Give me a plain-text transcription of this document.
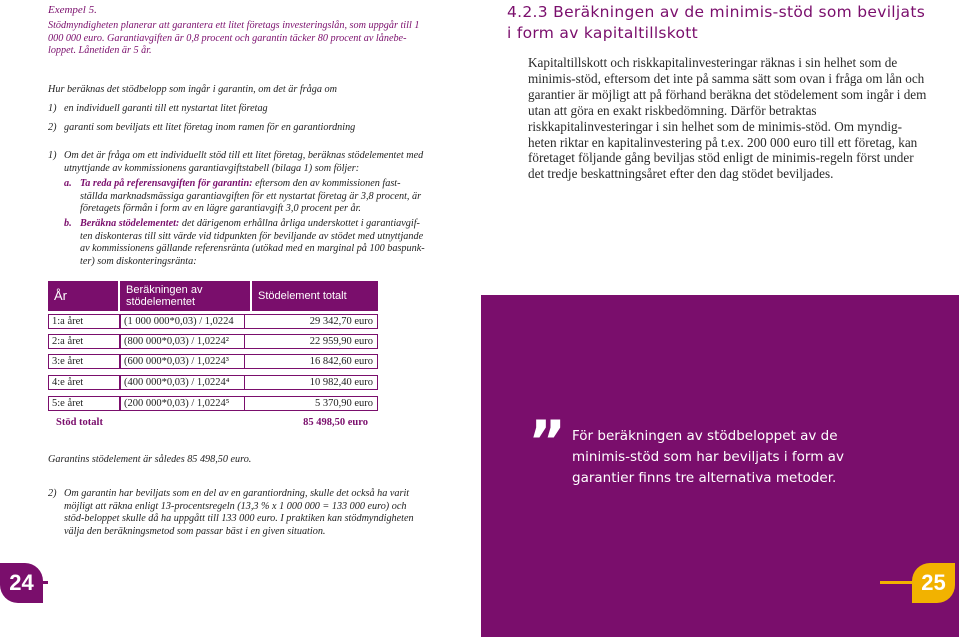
Exempel 5.
Stödmyndigheten planerar att garantera ett litet företags investeringslån, som uppgår till 1 000 000 euro. Garantiavgiften är 0,8 procent och garantin täcker 80 procent av lånebe-loppet. Lånetiden är 5 år.
Hur beräknas det stödbelopp som ingår i garantin, om det är fråga om
1) en individuell garanti till ett nystartat litet företag
2) garanti som beviljats ett litet företag inom ramen för en garantiordning
1) Om det är fråga om ett individuellt stöd till ett litet företag, beräknas stödelementet med utnyttjande av kommissionens garantiavgiftstabell (bilaga 1) som följer:
a. Ta reda på referensavgiften för garantin: eftersom den av kommissionen fast-ställda marknadsmässiga garantiavgiften för ett nystartat företag är 3,8 procent, är företagets förmån i form av en lägre garantiavgift 3,0 procent per år.
b. Beräkna stödelementet: det därigenom erhållna årliga underskottet i garantiavgif-ten diskonteras till sitt värde vid tidpunkten för beviljande av stödet med utnyttjande av kommissionens gällande referensränta (utökad med en marginal på 100 baspunk-ter) som diskonteringsränta:
År	Beräkningen av stödelementet	Stödelement totalt
1:a året	(1 000 000*0,03) / 1,0224	29 342,70 euro
2:a året	(800 000*0,03) / 1,0224²	22 959,90 euro
3:e året	(600 000*0,03) / 1,0224³	16 842,60 euro
4:e året	(400 000*0,03) / 1,0224⁴	10 982,40 euro
5:e året	(200 000*0,03) / 1,0224⁵	5 370,90 euro
Stöd totalt	85 498,50 euro
Garantins stödelement är således 85 498,50 euro.
2) Om garantin har beviljats som en del av en garantiordning, skulle det också ha varit möjligt att räkna enligt 13-procentsregeln (13,3 % x 1 000 000 = 133 000 euro) och stöd-beloppet skulle då ha uppgått till 133 000 euro. I praktiken kan stödmyndigheten välja den beräkningsmetod som passar bäst i en given situation.
24
4.2.3 Beräkningen av de minimis-stöd som beviljats i form av kapitaltillskott
Kapitaltillskott och riskkapitalinvesteringar räknas i sin helhet som de minimis-stöd, eftersom det inte på samma sätt som ovan i fråga om lån och garantier är möjligt att på förhand beräkna det stödelement som ingår i dem utan att göra en exakt riskbedömning. Därför betraktas riskkapitalinvesteringar i sin helhet som de minimis-stöd. Om myndig-heten riktar en kapitalinvestering på t.ex. 200 000 euro till ett företag, kan företaget följande gång beviljas stöd enligt de minimis-regeln först under det tredje beskattningsåret efter den dag stödet beviljades.
” För beräkningen av stödbeloppet av de minimis-stöd som har beviljats i form av garantier finns tre alternativa metoder.
25
